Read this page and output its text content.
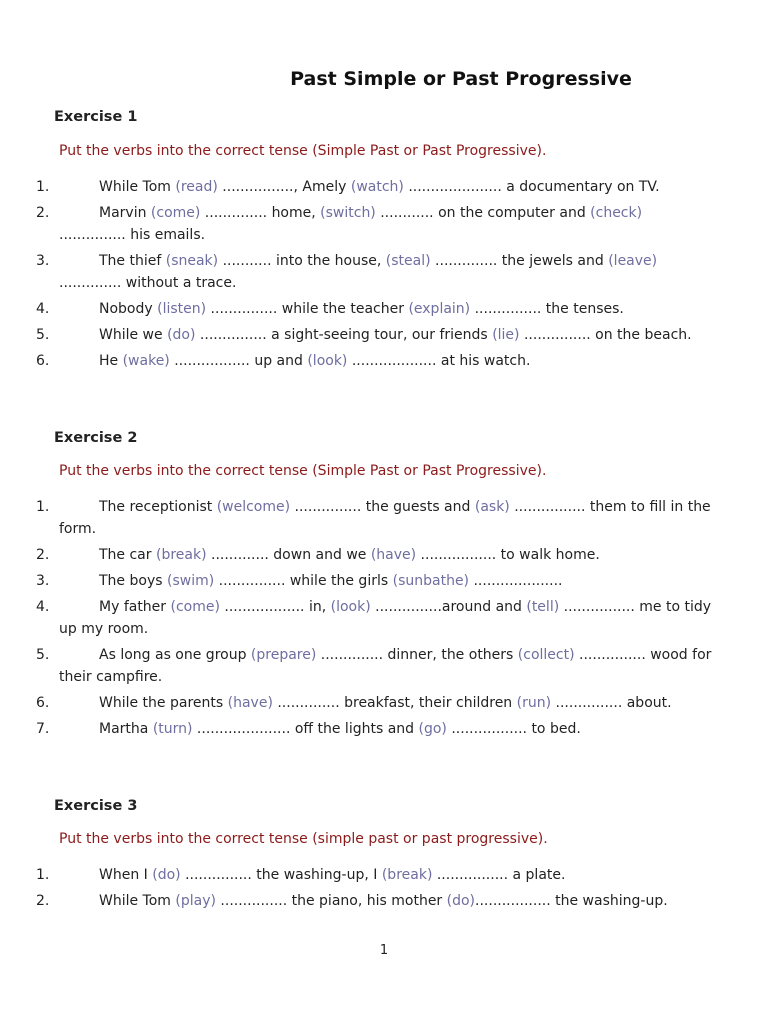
Past Simple or Past Progressive
Exercise 1
Put the verbs into the correct tense (Simple Past or Past Progressive).
1.	While Tom (read) ................, Amely (watch) ..................... a documentary on TV.
2.	Marvin (come) .............. home, (switch) ............ on the computer and (check) ............... his emails.
3.	The thief (sneak) ........... into the house, (steal) .............. the jewels and (leave) .............. without a trace.
4.	Nobody (listen) ............... while the teacher (explain) ............... the tenses.
5.	While we (do) ............... a sight-seeing tour, our friends (lie) ............... on the beach.
6.	He (wake) ................. up and (look) ................... at his watch.
Exercise 2
Put the verbs into the correct tense (Simple Past or Past Progressive).
1.	The receptionist (welcome) ............... the guests and (ask) ................ them to fill in the form.
2.	The car (break) ............. down and we (have) ................. to walk home.
3.	The boys (swim) ............... while the girls (sunbathe) ....................
4.	My father (come) .................. in, (look) ...............around and (tell) ................ me to tidy up my room.
5.	As long as one group (prepare) .............. dinner, the others (collect) ............... wood for their campfire.
6.	While the parents (have) .............. breakfast, their children (run) ............... about.
7.	Martha (turn) ..................... off the lights and (go) ................. to bed.
Exercise 3
Put the verbs into the correct tense (simple past or past progressive).
1.	When I (do) ............... the washing-up, I (break) ................ a plate.
2.	While Tom (play) ............... the piano, his mother (do)................. the washing-up.
1
